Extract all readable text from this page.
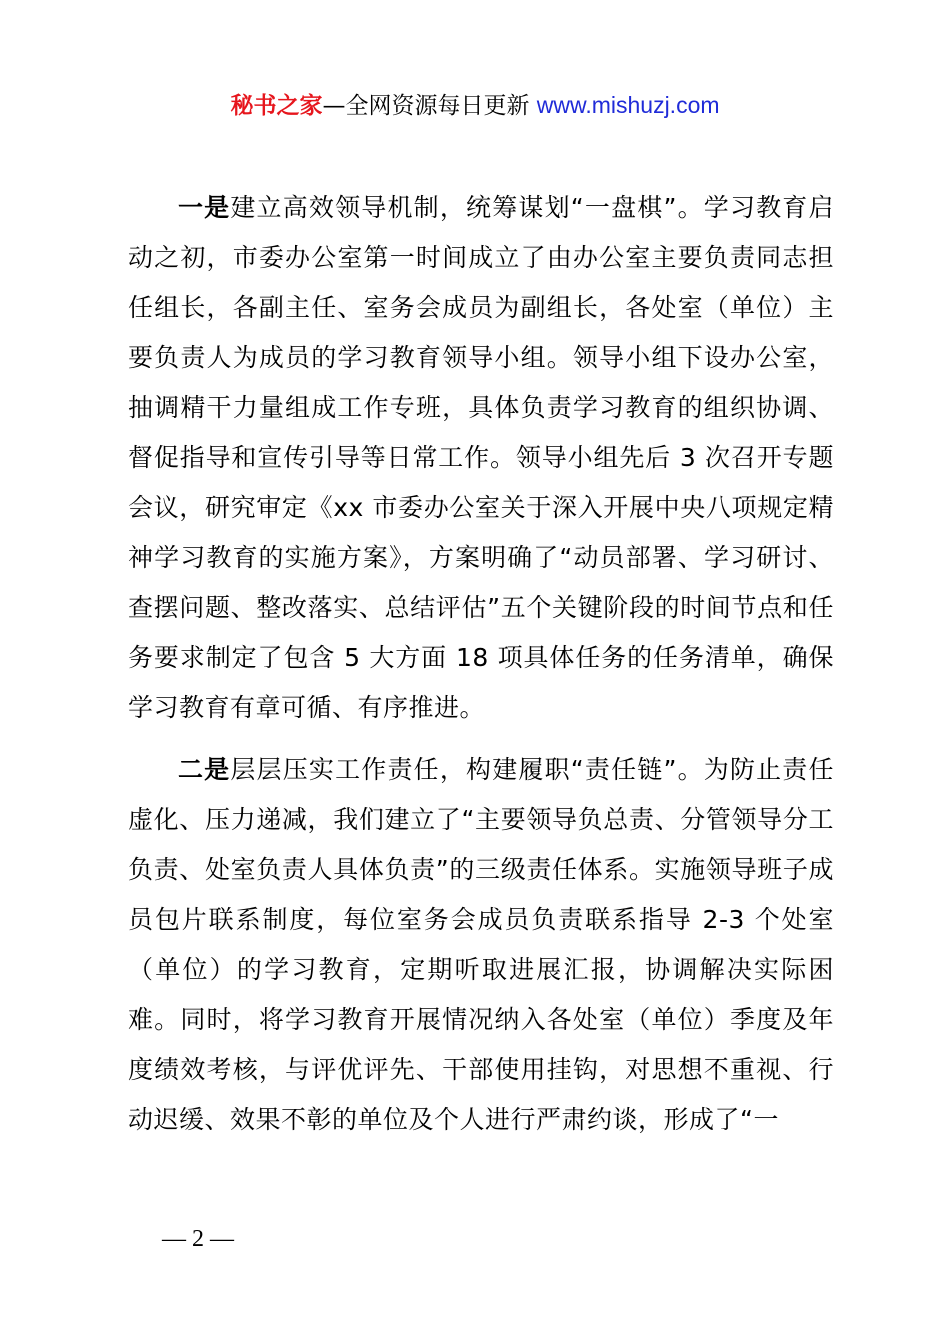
秘书之家—全网资源每日更新 www.mishuzj.com

一是建立高效领导机制，统筹谋划“一盘棋”。学习教育启动之初，市委办公室第一时间成立了由办公室主要负责同志担任组长，各副主任、室务会成员为副组长，各处室（单位）主要负责人为成员的学习教育领导小组。领导小组下设办公室，抽调精干力量组成工作专班，具体负责学习教育的组织协调、督促指导和宣传引导等日常工作。领导小组先后 3 次召开专题会议，研究审定《xx 市委办公室关于深入开展中央八项规定精神学习教育的实施方案》，方案明确了“动员部署、学习研讨、查摆问题、整改落实、总结评估”五个关键阶段的时间节点和任务要求制定了包含 5 大方面 18 项具体任务的任务清单，确保学习教育有章可循、有序推进。

二是层层压实工作责任，构建履职“责任链”。为防止责任虚化、压力递减，我们建立了“主要领导负总责、分管领导分工负责、处室负责人具体负责”的三级责任体系。实施领导班子成员包片联系制度，每位室务会成员负责联系指导 2-3 个处室（单位）的学习教育，定期听取进展汇报，协调解决实际困难。同时，将学习教育开展情况纳入各处室（单位）季度及年度绩效考核，与评优评先、干部使用挂钩，对思想不重视、行动迟缓、效果不彰的单位及个人进行严肃约谈，形成了“一

— 2 —
